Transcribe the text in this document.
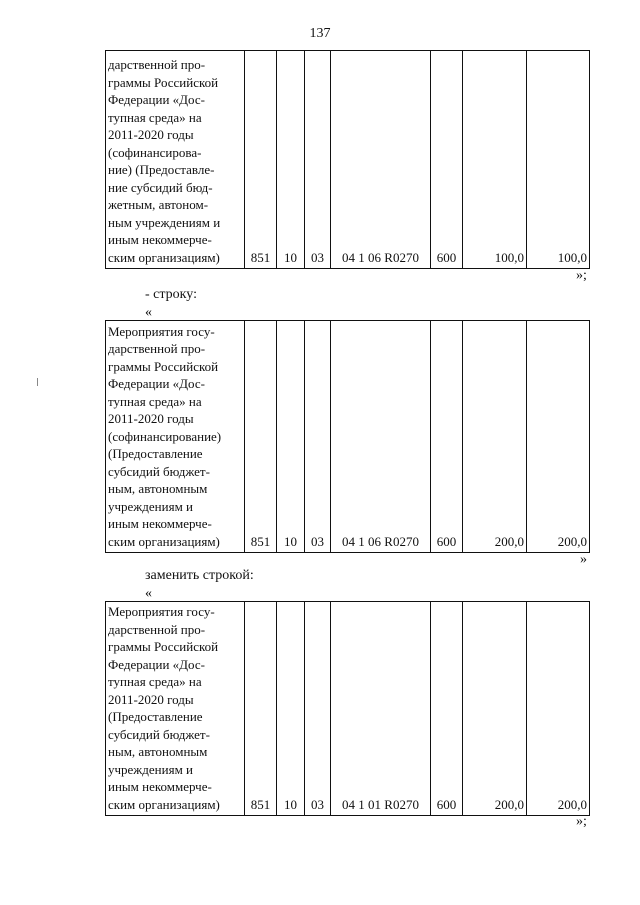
137
дарственной про-
граммы Российской
Федерации «Дос-
тупная среда» на
2011-2020 годы
(софинансирова-
ние) (Предоставле-
ние субсидий бюд-
жетным, автоном-
ным учреждениям и
иным некоммерче-
ским организациям)	851	10	03	04 1 06 R0270	600	100,0	100,0
»;
- строку:
«
Мероприятия госу-
дарственной про-
граммы Российской
Федерации «Дос-
тупная среда» на
2011-2020 годы
(софинансирование)
(Предоставление
субсидий бюджет-
ным, автономным
учреждениям и
иным некоммерче-
ским организациям)	851	10	03	04 1 06 R0270	600	200,0	200,0
»
заменить строкой:
«
Мероприятия госу-
дарственной про-
граммы Российской
Федерации «Дос-
тупная среда» на
2011-2020 годы
(Предоставление
субсидий бюджет-
ным, автономным
учреждениям и
иным некоммерче-
ским организациям)	851	10	03	04 1 01 R0270	600	200,0	200,0
»;
